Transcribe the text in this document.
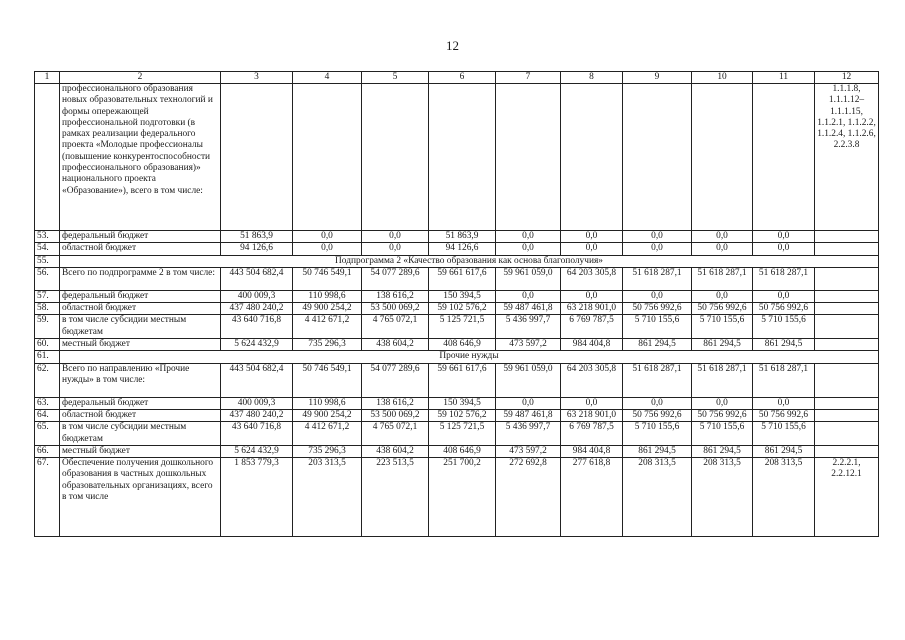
12
1	2	3	4	5	6	7	8	9	10	11	12
	профессионального образования новых образовательных технологий и формы опережающей профессиональной подготовки (в рамках реализации федерального проекта «Молодые профессионалы (повышение конкурентоспособности профессионального образования)» национального проекта «Образование»), всего в том числе:										1.1.1.8, 1.1.1.12– 1.1.1.15, 1.1.2.1, 1.1.2.2, 1.1.2.4, 1.1.2.6, 2.2.3.8
53.	федеральный бюджет	51 863,9	0,0	0,0	51 863,9	0,0	0,0	0,0	0,0	0,0	
54.	областной бюджет	94 126,6	0,0	0,0	94 126,6	0,0	0,0	0,0	0,0	0,0	
55.	Подпрограмма 2 «Качество образования как основа благополучия»										
56.	Всего по подпрограмме 2 в том числе:	443 504 682,4	50 746 549,1	54 077 289,6	59 661 617,6	59 961 059,0	64 203 305,8	51 618 287,1	51 618 287,1	51 618 287,1	
57.	федеральный бюджет	400 009,3	110 998,6	138 616,2	150 394,5	0,0	0,0	0,0	0,0	0,0	
58.	областной бюджет	437 480 240,2	49 900 254,2	53 500 069,2	59 102 576,2	59 487 461,8	63 218 901,0	50 756 992,6	50 756 992,6	50 756 992,6	
59.	в том числе субсидии местным бюджетам	43 640 716,8	4 412 671,2	4 765 072,1	5 125 721,5	5 436 997,7	6 769 787,5	5 710 155,6	5 710 155,6	5 710 155,6	
60.	местный бюджет	5 624 432,9	735 296,3	438 604,2	408 646,9	473 597,2	984 404,8	861 294,5	861 294,5	861 294,5	
61.	Прочие нужды										
62.	Всего по направлению «Прочие нужды» в том числе:	443 504 682,4	50 746 549,1	54 077 289,6	59 661 617,6	59 961 059,0	64 203 305,8	51 618 287,1	51 618 287,1	51 618 287,1	
63.	федеральный бюджет	400 009,3	110 998,6	138 616,2	150 394,5	0,0	0,0	0,0	0,0	0,0	
64.	областной бюджет	437 480 240,2	49 900 254,2	53 500 069,2	59 102 576,2	59 487 461,8	63 218 901,0	50 756 992,6	50 756 992,6	50 756 992,6	
65.	в том числе субсидии местным бюджетам	43 640 716,8	4 412 671,2	4 765 072,1	5 125 721,5	5 436 997,7	6 769 787,5	5 710 155,6	5 710 155,6	5 710 155,6	
66.	местный бюджет	5 624 432,9	735 296,3	438 604,2	408 646,9	473 597,2	984 404,8	861 294,5	861 294,5	861 294,5	
67.	Обеспечение получения дошкольного образования в частных дошкольных образовательных организациях, всего в том числе	1 853 779,3	203 313,5	223 513,5	251 700,2	272 692,8	277 618,8	208 313,5	208 313,5	208 313,5	2.2.2.1, 2.2.12.1
